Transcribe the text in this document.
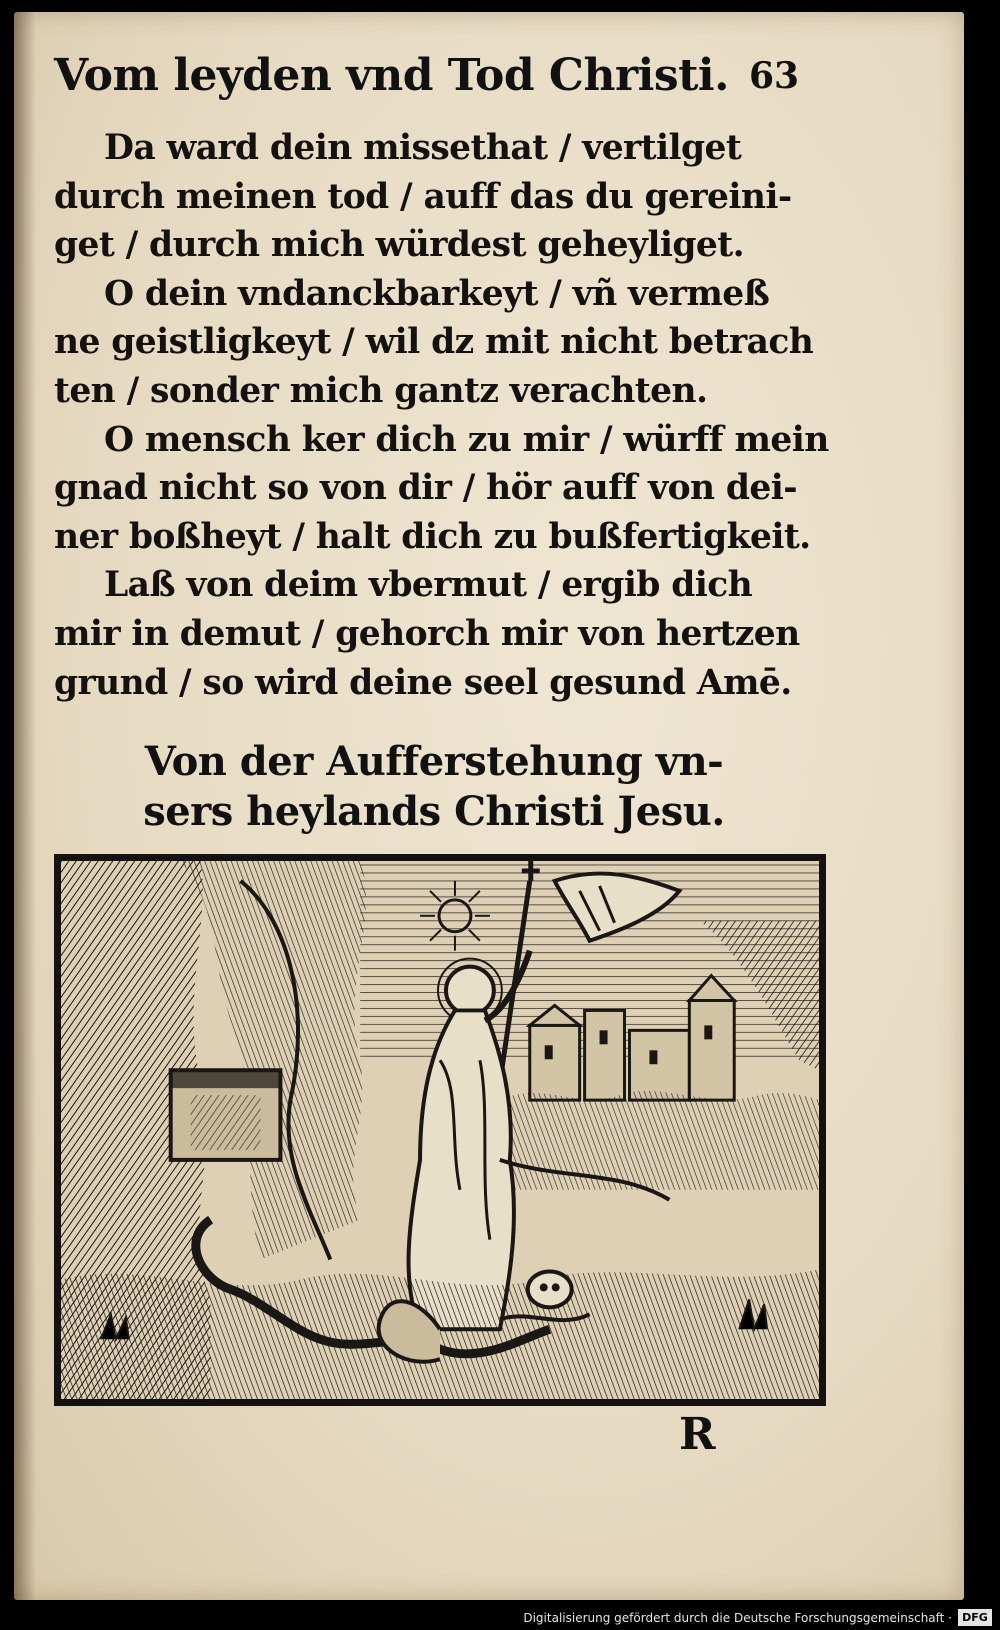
Vom leyden vnd Tod Christi. 63
Da ward dein missethat / vertilget
durch meinen tod / auff das du gereini-
get / durch mich würdest geheyliget.
O dein vndanckbarkeyt / vñ vermeß
ne geistligkeyt / wil dz mit nicht betrach
ten / sonder mich gantz verachten.
O mensch ker dich zu mir / würff mein
gnad nicht so von dir / hör auff von dei-
ner boßheyt / halt dich zu bußfertigkeit.
Laß von deim vbermut / ergib dich
mir in demut / gehorch mir von hertzen
grund / so wird deine seel gesund Amē.
Von der Aufferstehung vn-
sers heylands Christi Jesu.
R
Digitalisierung gefördert durch die Deutsche Forschungsgemeinschaft · DFG
